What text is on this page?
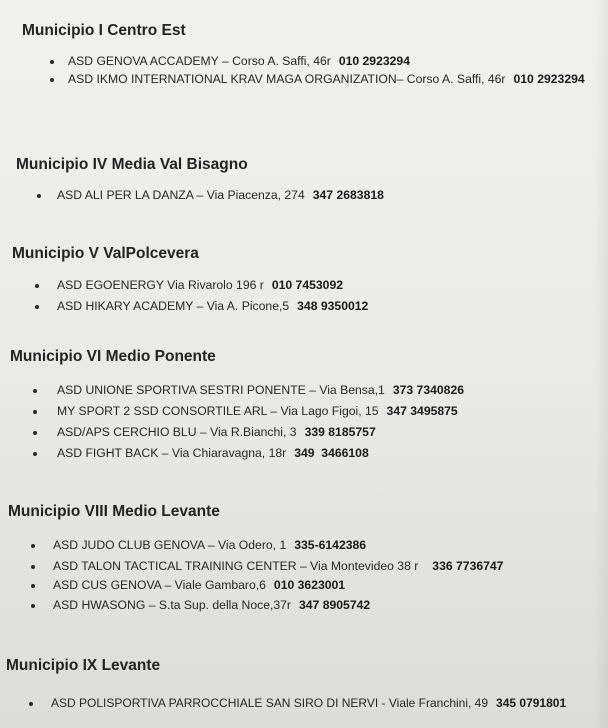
Municipio I Centro Est
ASD GENOVA ACCADEMY – Corso A. Saffi, 46r 010 2923294
ASD IKMO INTERNATIONAL KRAV MAGA ORGANIZATION– Corso A. Saffi, 46r 010 2923294
Municipio IV Media Val Bisagno
ASD ALI PER LA DANZA – Via Piacenza, 274 347 2683818
Municipio V ValPolcevera
ASD EGOENERGY Via Rivarolo 196 r 010 7453092
ASD HIKARY ACADEMY – Via A. Picone,5 348 9350012
Municipio VI Medio Ponente
ASD UNIONE SPORTIVA SESTRI PONENTE – Via Bensa,1 373 7340826
MY SPORT 2 SSD CONSORTILE ARL – Via Lago Figoi, 15 347 3495875
ASD/APS CERCHIO BLU – Via R.Bianchi, 3 339 8185757
ASD FIGHT BACK – Via Chiaravagna, 18r 349  3466108
Municipio VIII Medio Levante
ASD JUDO CLUB GENOVA – Via Odero, 1 335-6142386
ASD TALON TACTICAL TRAINING CENTER – Via Montevideo 38 r 336 7736747
ASD CUS GENOVA – Viale Gambaro,6 010 3623001
ASD HWASONG – S.ta Sup. della Noce,37r 347 8905742
Municipio IX Levante
ASD POLISPORTIVA PARROCCHIALE SAN SIRO DI NERVI - Viale Franchini, 49 345 0791801
